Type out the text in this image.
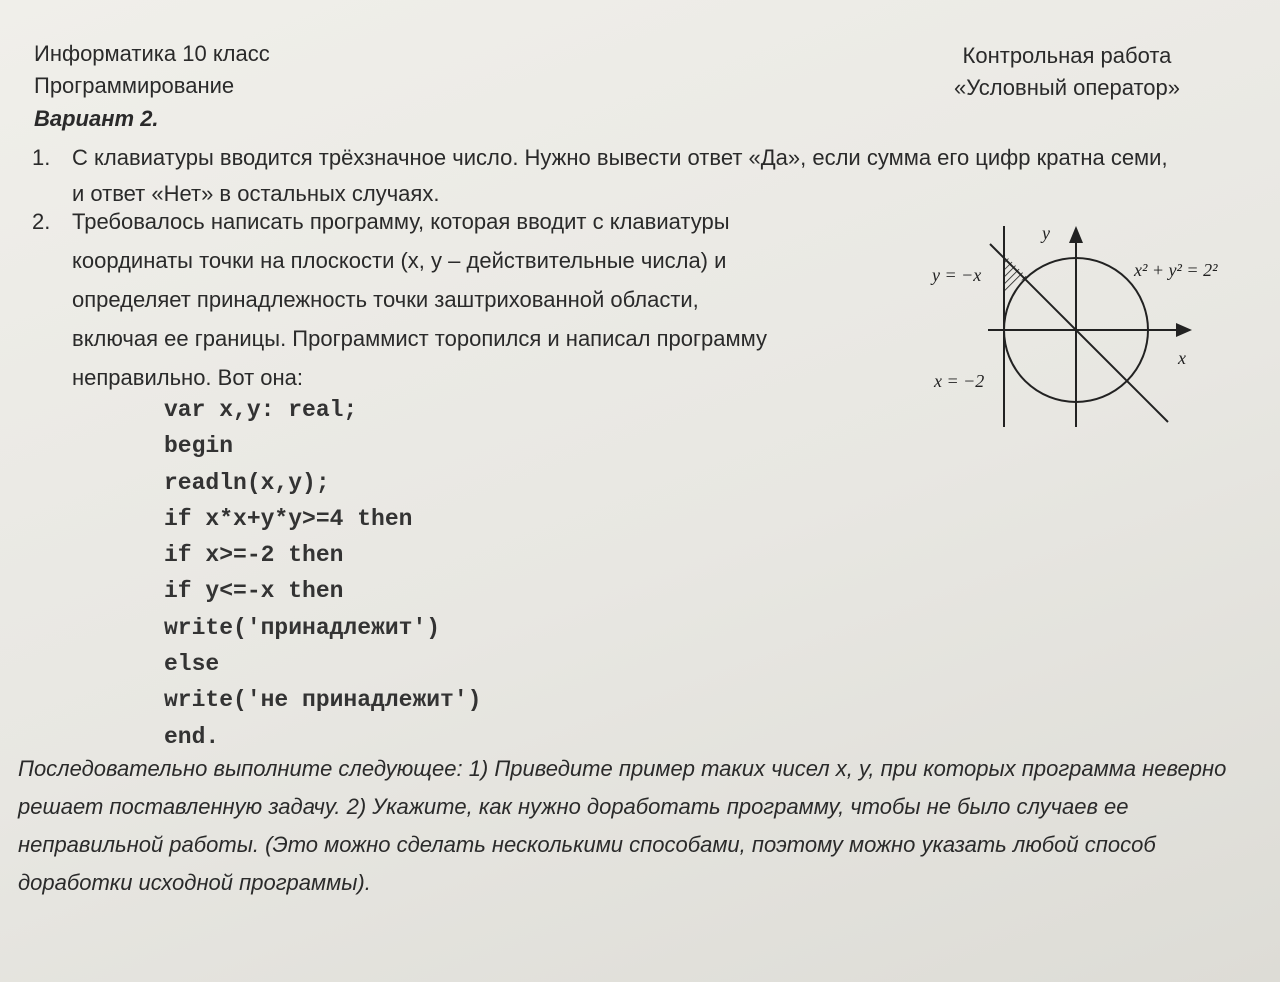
Информатика 10 класс
Программирование
Контрольная работа
«Условный оператор»
Вариант 2.
1. С клавиатуры вводится трёхзначное число. Нужно вывести ответ «Да», если сумма его цифр кратна семи, и ответ «Нет» в остальных случаях.
2. Требовалось написать программу, которая вводит с клавиатуры
координаты точки на плоскости (x, y – действительные числа) и
определяет принадлежность точки заштрихованной области,
включая ее границы. Программист торопился и написал программу
неправильно. Вот она:
var x,y: real;
begin
readln(x,y);
if x*x+y*y>=4 then
if x>=-2 then
if y<=-x then
write('принадлежит')
else
write('не принадлежит')
end.
y
x
y = −x
x = −2
x² + y² = 2²
Последовательно выполните следующее: 1) Приведите пример таких чисел x, y, при которых программа неверно решает поставленную задачу. 2) Укажите, как нужно доработать программу, чтобы не было случаев ее неправильной работы. (Это можно сделать несколькими способами, поэтому можно указать любой способ доработки исходной программы).
